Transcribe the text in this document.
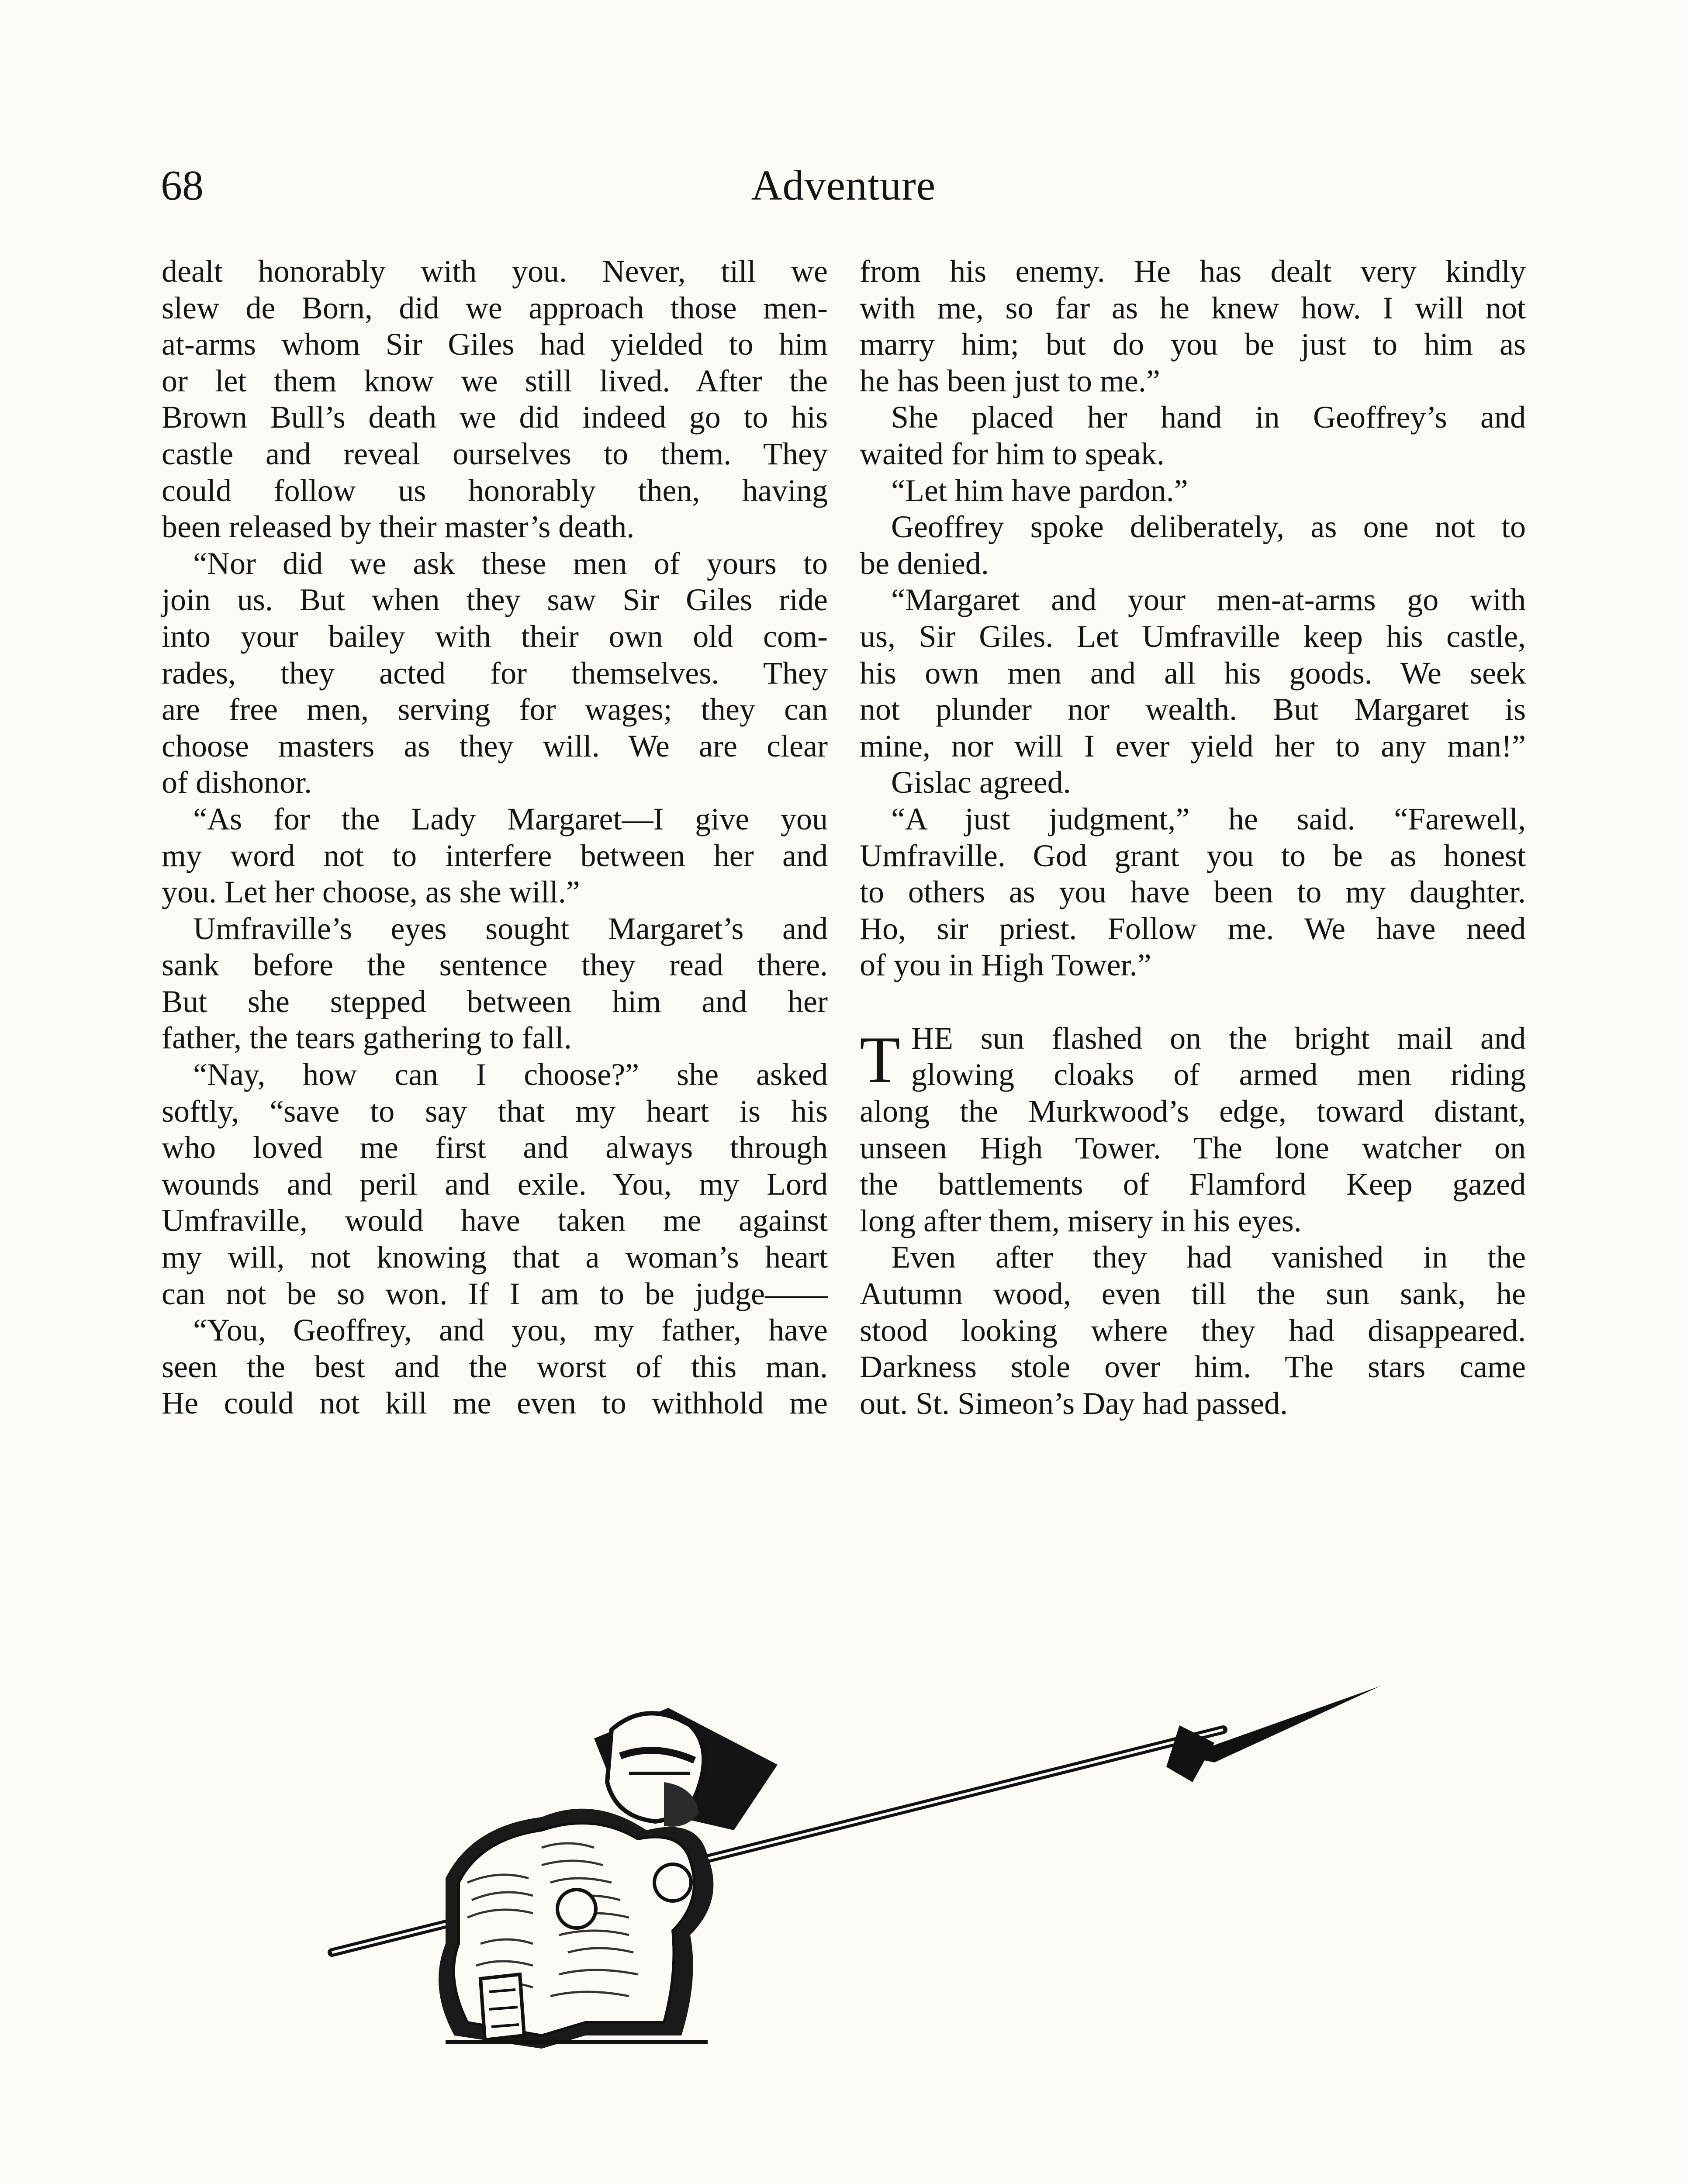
68	Adventure
dealt honorably with you. Never, till we
slew de Born, did we approach those men-
at-arms whom Sir Giles had yielded to him
or let them know we still lived. After the
Brown Bull’s death we did indeed go to his
castle and reveal ourselves to them. They
could follow us honorably then, having
been released by their master’s death.
“Nor did we ask these men of yours to
join us. But when they saw Sir Giles ride
into your bailey with their own old com-
rades, they acted for themselves. They
are free men, serving for wages; they can
choose masters as they will. We are clear
of dishonor.
“As for the Lady Margaret—I give you
my word not to interfere between her and
you. Let her choose, as she will.”
Umfraville’s eyes sought Margaret’s and
sank before the sentence they read there.
But she stepped between him and her
father, the tears gathering to fall.
“Nay, how can I choose?” she asked
softly, “save to say that my heart is his
who loved me first and always through
wounds and peril and exile. You, my Lord
Umfraville, would have taken me against
my will, not knowing that a woman’s heart
can not be so won. If I am to be judge——
“You, Geoffrey, and you, my father, have
seen the best and the worst of this man.
He could not kill me even to withhold me
from his enemy. He has dealt very kindly
with me, so far as he knew how. I will not
marry him; but do you be just to him as
he has been just to me.”
She placed her hand in Geoffrey’s and
waited for him to speak.
“Let him have pardon.”
Geoffrey spoke deliberately, as one not to
be denied.
“Margaret and your men-at-arms go with
us, Sir Giles. Let Umfraville keep his castle,
his own men and all his goods. We seek
not plunder nor wealth. But Margaret is
mine, nor will I ever yield her to any man!”
Gislac agreed.
“A just judgment,” he said. “Farewell,
Umfraville. God grant you to be as honest
to others as you have been to my daughter.
Ho, sir priest. Follow me. We have need
of you in High Tower.”
T HE sun flashed on the bright mail and
glowing cloaks of armed men riding
along the Murkwood’s edge, toward distant,
unseen High Tower. The lone watcher on
the battlements of Flamford Keep gazed
long after them, misery in his eyes.
Even after they had vanished in the
Autumn wood, even till the sun sank, he
stood looking where they had disappeared.
Darkness stole over him. The stars came
out. St. Simeon’s Day had passed.
